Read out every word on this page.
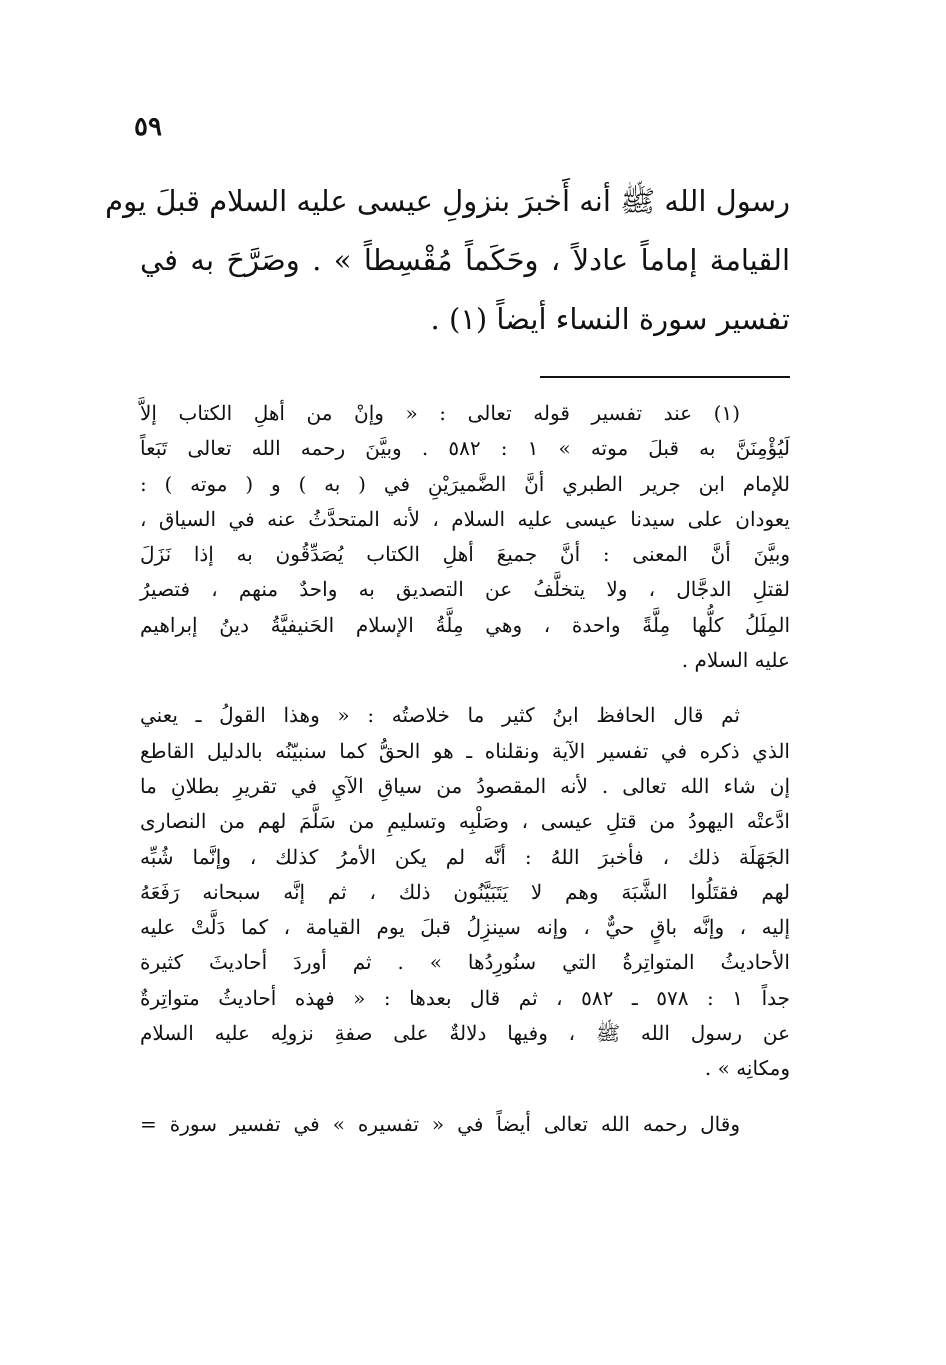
٥٩

رسول الله ﷺ أنه أَخبرَ بنزولِ عيسى عليه السلام قبلَ يوم
القيامة إماماً عادلاً ، وحَكَماً مُقْسِطاً » . وصَرَّحَ به في
تفسير سورة النساء أيضاً (١) .

(١) عند تفسير قوله تعالى : « وإنْ من أهلِ الكتاب إلاَّ
لَيُؤْمِنَنَّ به قبلَ موته » ١ : ٥٨٢ . وبيَّنَ رحمه الله تعالى تَبَعاً
للإمام ابن جرير الطبري أنَّ الضَّميرَيْنِ في ( به ) و ( موته ) :
يعودان على سيدنا عيسى عليه السلام ، لأنه المتحدَّثُ عنه في السياق ،
وبيَّنَ أنَّ المعنى : أنَّ جميعَ أهلِ الكتاب يُصَدِّقُون به إذا نَزَلَ
لقتلِ الدجَّال ، ولا يتخلَّفُ عن التصديق به واحدٌ منهم ، فتصيرُ
المِلَلُ كلُّها مِلَّةً واحدة ، وهي مِلَّةُ الإسلام الحَنيفيَّةُ دينُ إبراهيم
عليه السلام .

ثم قال الحافظ ابنُ كثير ما خلاصتُه : « وهذا القولُ ـ يعني
الذي ذكره في تفسير الآية ونقلناه ـ هو الحقُّ كما سنبيّنُه بالدليل القاطع
إن شاء الله تعالى . لأنه المقصودُ من سياقِ الآيِ في تقريرِ بطلانِ ما
ادَّعتْه اليهودُ من قتلِ عيسى ، وصَلْبِه وتسليمِ من سَلَّمَ لهم من النصارى
الجَهَلَة ذلك ، فأخبرَ اللهُ : أنَّه لم يكن الأمرُ كذلك ، وإنَّما شُبِّه
لهم فقتَلُوا الشَّبَهَ وهم لا يَتَبَيَّنُون ذلك ، ثم إنَّه سبحانه رَفَعَهُ
إليه ، وإنَّه باقٍ حيٌّ ، وإنه سينزِلُ قبلَ يوم القيامة ، كما دَلَّتْ عليه
الأحاديثُ المتواتِرةُ التي سنُورِدُها » . ثم أوردَ أحاديثَ كثيرة
جداً ١ : ٥٧٨ ـ ٥٨٢ ، ثم قال بعدها : « فهذه أحاديثُ متواتِرةٌ
عن رسول الله ﷺ ، وفيها دلالةٌ على صفةِ نزولِه عليه السلام
ومكانِه » .

وقال رحمه الله تعالى أيضاً في « تفسيره » في تفسير سورة =
